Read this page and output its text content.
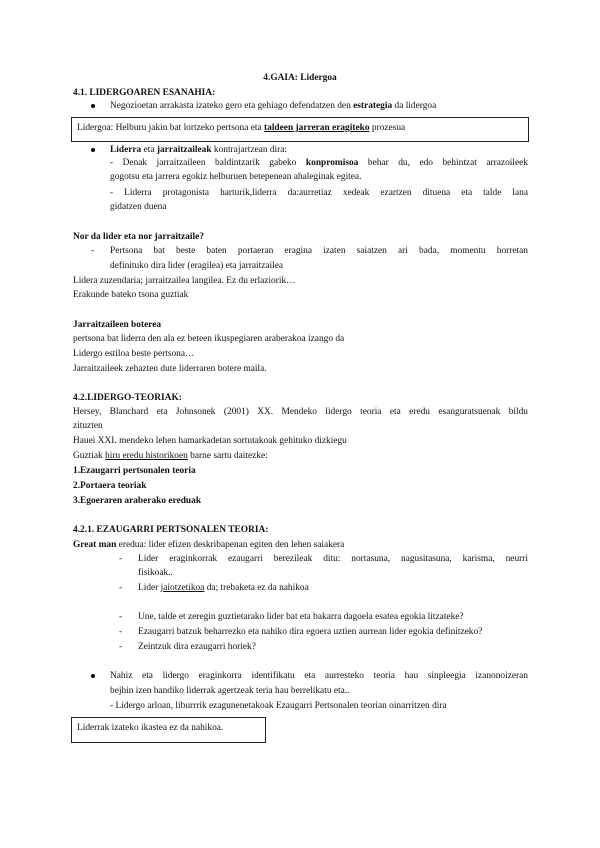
4.GAIA: Lidergoa
4.1. LIDERGOAREN ESANAHIA:
Negozioetan arrakasta izateko gero eta gehiago defendatzen den estrategia da lidergoa
Lidergoa: Helburu jakin bat lortzeko pertsona eta taldeen jarreran eragiteko prozesua
Liderra eta jarraitzaileak kontrajartzean dira:
- Denak jarraitzaileen baldintzarik gabeko konpromisoa behar du, edo behintzat arrazoileek
gogotsu eta jarrera egokiz helburuen betepenean ahaleginak egitea.
- Liderra protagonista harturik,liderra da:aurretiaz xedeak ezartzen dituena eta talde lana
gidatzen duena
Nor da lider eta nor jarraitzaile?
- Pertsona bat beste baten portaeran eragina izaten saiatzen ari bada, momentu horretan
definituko dira lider (eragilea) eta jarraitzailea
Lidera zuzendaria; jarraitzailea langilea. Ez du erlaziorik…
Erakunde bateko tsona guztiak
Jarraitzaileen boterea
pertsona bat liderra den ala ez beteen ikuspegiaren araberakoa izango da
Lidergo estiloa beste pertsona…
Jarraitzaileek zehazten dute liderraren botere maila.
4.2.LIDERGO-TEORIAK:
Hersey, Blanchard eta Johnsonek (2001) XX. Mendeko lidergo teoria eta eredu esanguratsuenak bildu
zituzten
Hauei XXI. mendeko lehen hamarkadetan sortutakoak gehituko dizkiegu
Guztiak hiru eredu historikoen barne sartu daitezke:
1.Ezaugarri pertsonalen teoria
2.Portaera teoriak
3.Egoeraren araberako ereduak
4.2.1. EZAUGARRI PERTSONALEN TEORIA:
Great man eredua: lider efizen deskribapenan egiten den lehen saiakera
- Lider eraginkorrak ezaugarri berezileak ditu: nortasuna, nagusitasuna, karisma, neurri
fisikoak..
- Lider jaiotzetikoa da; trebaketa ez da nahikoa
- Une, talde et zeregin guztietarako lider bat eta bakarra dagoela esatea egokia litzateke?
- Ezaugarri batzuk beharrezko eta nahiko dira egoera uztien aurrean lider egokia definitzeko?
- Zeintzuk dira ezaugarri horiek?
Nahiz eta lidergo eraginkorra identifikatu eta aurresteko teoria hau sinpleegia izanonoizeran
bejhin izen handiko liderrak agertzeak teria hau berrelikatu eta..
- Lidergo arloan, liburrrik ezagunenetakoak Ezaugarri Pertsonalen teorian oinarritzen dira
Liderrak izateko ikastea ez da nahikoa.
